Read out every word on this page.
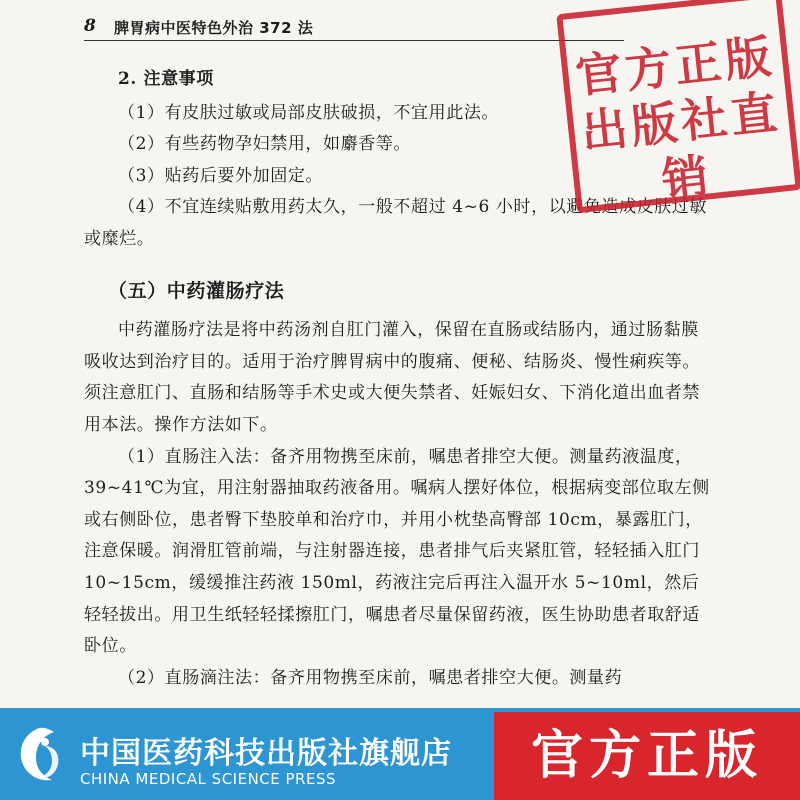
8 脾胃病中医特色外治 372 法

2. 注意事项

（1）有皮肤过敏或局部皮肤破损，不宜用此法。

（2）有些药物孕妇禁用，如麝香等。

（3）贴药后要外加固定。

（4）不宜连续贴敷用药太久，一般不超过 4~6 小时，以避免造成皮肤过敏或糜烂。

（五）中药灌肠疗法

中药灌肠疗法是将中药汤剂自肛门灌入，保留在直肠或结肠内，通过肠黏膜吸收达到治疗目的。适用于治疗脾胃病中的腹痛、便秘、结肠炎、慢性痢疾等。须注意肛门、直肠和结肠等手术史或大便失禁者、妊娠妇女、下消化道出血者禁用本法。操作方法如下。

（1）直肠注入法：备齐用物携至床前，嘱患者排空大便。测量药液温度，39~41℃为宜，用注射器抽取药液备用。嘱病人摆好体位，根据病变部位取左侧或右侧卧位，患者臀下垫胶单和治疗巾，并用小枕垫高臀部 10cm，暴露肛门，注意保暖。润滑肛管前端，与注射器连接，患者排气后夹紧肛管，轻轻插入肛门 10~15cm，缓缓推注药液 150ml，药液注完后再注入温开水 5~10ml，然后轻轻拔出。用卫生纸轻轻揉擦肛门，嘱患者尽量保留药液，医生协助患者取舒适卧位。

（2）直肠滴注法：备齐用物携至床前，嘱患者排空大便。测量药

官方正版
出版社直销
中国医药科技出版社旗舰店
CHINA MEDICAL SCIENCE PRESS	官方正版
